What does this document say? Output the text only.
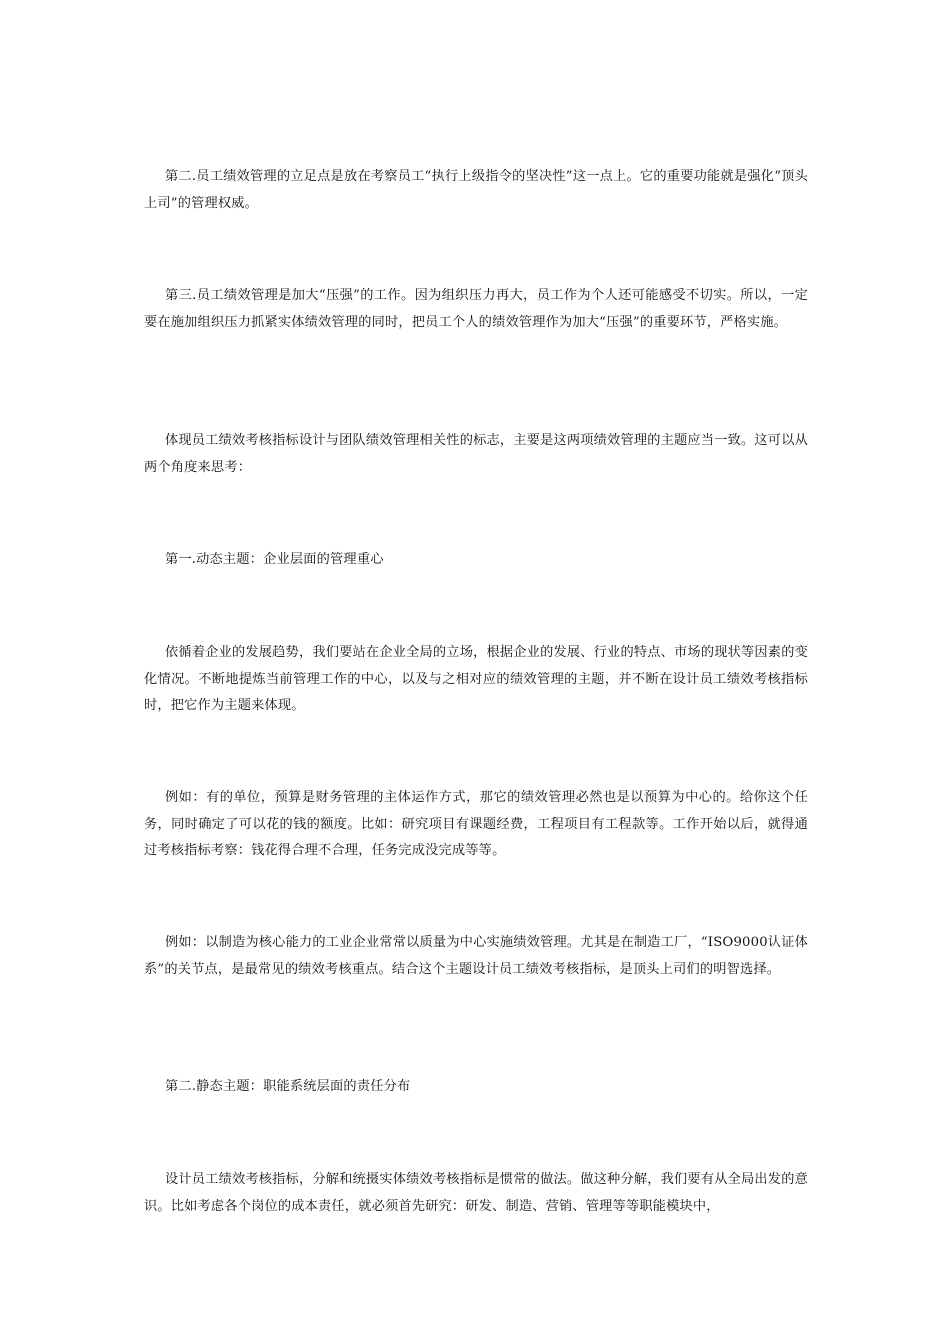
第二.员工绩效管理的立足点是放在考察员工“执行上级指令的坚决性”这一点上。它的重要功能就是强化“顶头上司”的管理权威。

第三.员工绩效管理是加大“压强”的工作。因为组织压力再大，员工作为个人还可能感受不切实。所以，一定要在施加组织压力抓紧实体绩效管理的同时，把员工个人的绩效管理作为加大“压强”的重要环节，严格实施。

体现员工绩效考核指标设计与团队绩效管理相关性的标志，主要是这两项绩效管理的主题应当一致。这可以从两个角度来思考：

第一.动态主题：企业层面的管理重心

依循着企业的发展趋势，我们要站在企业全局的立场，根据企业的发展、行业的特点、市场的现状等因素的变化情况。不断地提炼当前管理工作的中心，以及与之相对应的绩效管理的主题，并不断在设计员工绩效考核指标时，把它作为主题来体现。

例如：有的单位，预算是财务管理的主体运作方式，那它的绩效管理必然也是以预算为中心的。给你这个任务，同时确定了可以花的钱的额度。比如：研究项目有课题经费，工程项目有工程款等。工作开始以后，就得通过考核指标考察：钱花得合理不合理，任务完成没完成等等。

例如：以制造为核心能力的工业企业常常以质量为中心实施绩效管理。尤其是在制造工厂，“ISO9000认证体系”的关节点，是最常见的绩效考核重点。结合这个主题设计员工绩效考核指标，是顶头上司们的明智选择。

第二.静态主题：职能系统层面的责任分布

设计员工绩效考核指标，分解和统摄实体绩效考核指标是惯常的做法。做这种分解，我们要有从全局出发的意识。比如考虑各个岗位的成本责任，就必须首先研究：研发、制造、营销、管理等等职能模块中，
